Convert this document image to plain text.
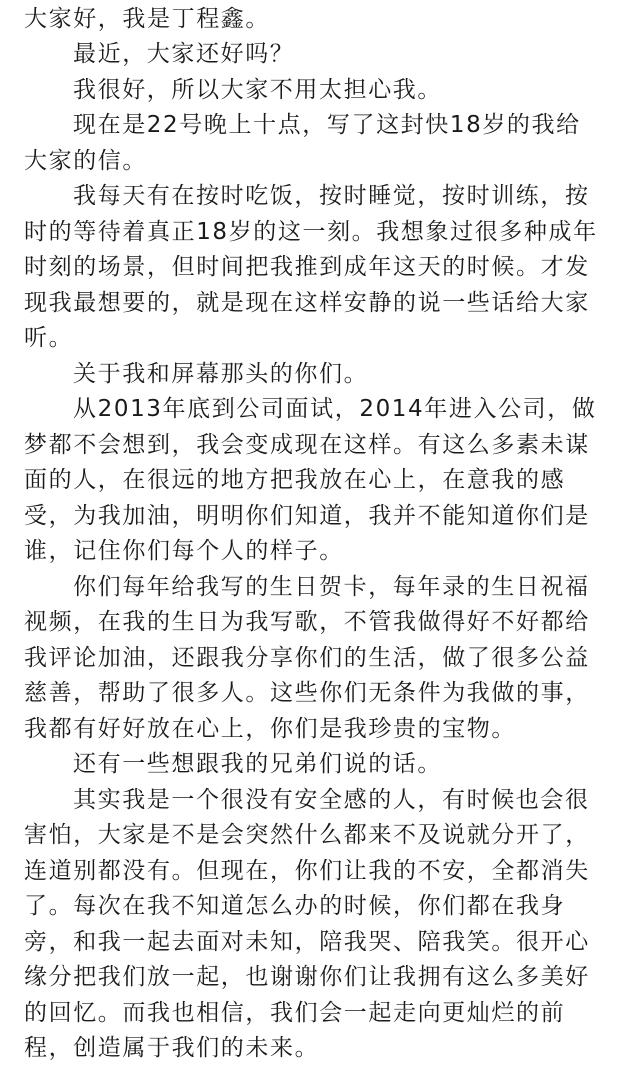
大家好，我是丁程鑫。
最近，大家还好吗？
我很好，所以大家不用太担心我。
现在是22号晚上十点，写了这封快18岁的我给
大家的信。
我每天有在按时吃饭，按时睡觉，按时训练，按
时的等待着真正18岁的这一刻。我想象过很多种成年
时刻的场景，但时间把我推到成年这天的时候。才发
现我最想要的，就是现在这样安静的说一些话给大家
听。
关于我和屏幕那头的你们。
从2013年底到公司面试，2014年进入公司，做
梦都不会想到，我会变成现在这样。有这么多素未谋
面的人，在很远的地方把我放在心上，在意我的感
受，为我加油，明明你们知道，我并不能知道你们是
谁，记住你们每个人的样子。
你们每年给我写的生日贺卡，每年录的生日祝福
视频，在我的生日为我写歌，不管我做得好不好都给
我评论加油，还跟我分享你们的生活，做了很多公益
慈善，帮助了很多人。这些你们无条件为我做的事，
我都有好好放在心上，你们是我珍贵的宝物。
还有一些想跟我的兄弟们说的话。
其实我是一个很没有安全感的人，有时候也会很
害怕，大家是不是会突然什么都来不及说就分开了，
连道别都没有。但现在，你们让我的不安，全都消失
了。每次在我不知道怎么办的时候，你们都在我身
旁，和我一起去面对未知，陪我哭、陪我笑。很开心
缘分把我们放一起，也谢谢你们让我拥有这么多美好
的回忆。而我也相信，我们会一起走向更灿烂的前
程，创造属于我们的未来。
